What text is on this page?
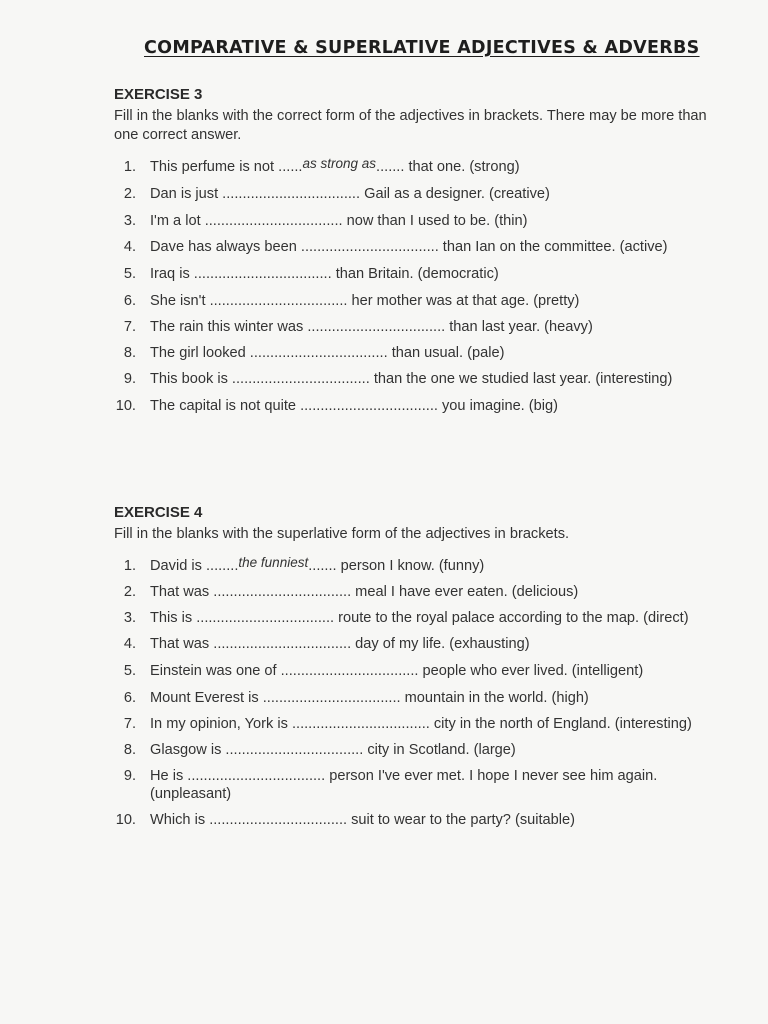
COMPARATIVE & SUPERLATIVE ADJECTIVES & ADVERBS

EXERCISE 3

Fill in the blanks with the correct form of the adjectives in brackets. There may be more than one correct answer.

1. This perfume is not ......as strong as....... that one. (strong)
2. Dan is just .................................. Gail as a designer. (creative)
3. I'm a lot .................................. now than I used to be. (thin)
4. Dave has always been .................................. than Ian on the committee. (active)
5. Iraq is .................................. than Britain. (democratic)
6. She isn't .................................. her mother was at that age. (pretty)
7. The rain this winter was .................................. than last year. (heavy)
8. The girl looked .................................. than usual. (pale)
9. This book is .................................. than the one we studied last year. (interesting)
10. The capital is not quite .................................. you imagine. (big)

EXERCISE 4

Fill in the blanks with the superlative form of the adjectives in brackets.

1. David is ........the funniest....... person I know. (funny)
2. That was .................................. meal I have ever eaten. (delicious)
3. This is .................................. route to the royal palace according to the map. (direct)
4. That was .................................. day of my life. (exhausting)
5. Einstein was one of .................................. people who ever lived. (intelligent)
6. Mount Everest is .................................. mountain in the world. (high)
7. In my opinion, York is .................................. city in the north of England. (interesting)
8. Glasgow is .................................. city in Scotland. (large)
9. He is .................................. person I've ever met. I hope I never see him again. (unpleasant)
10. Which is .................................. suit to wear to the party? (suitable)
